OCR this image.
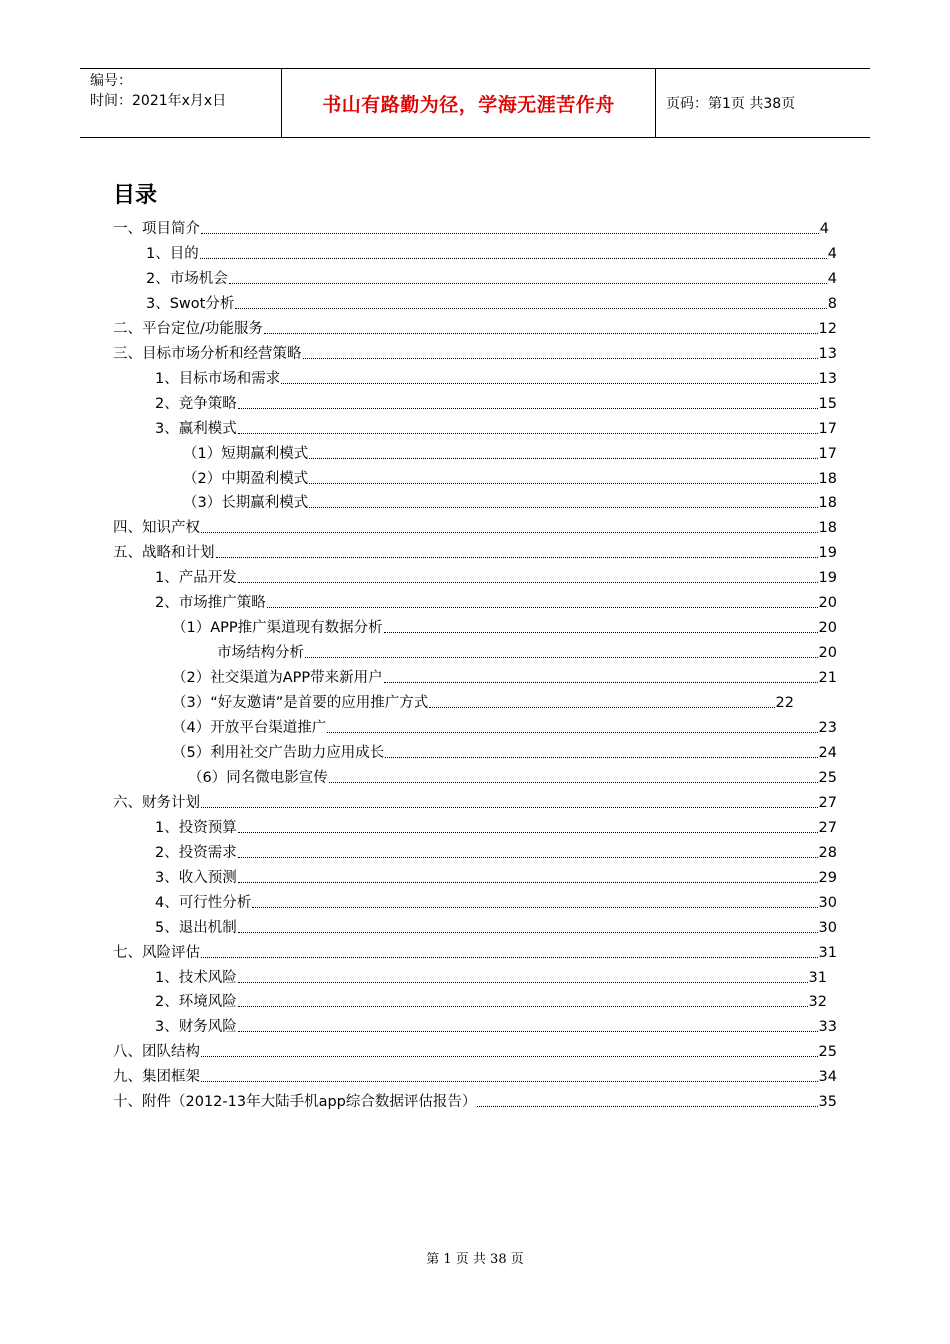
编号：
时间：2021年x月x日	书山有路勤为径，学海无涯苦作舟	页码：第1页 共38页
目录
一、项目简介	4
1、目的	4
2、市场机会	4
3、Swot分析	8
二、平台定位/功能服务	12
三、目标市场分析和经营策略	13
1、目标市场和需求	13
2、竞争策略	15
3、赢利模式	17
（1）短期赢利模式	17
（2）中期盈利模式	18
（3）长期赢利模式	18
四、知识产权	18
五、战略和计划	19
1、产品开发	19
2、市场推广策略	20
（1）APP推广渠道现有数据分析	20
市场结构分析	20
（2）社交渠道为APP带来新用户	21
（3）“好友邀请”是首要的应用推广方式	22
（4）开放平台渠道推广	23
（5）利用社交广告助力应用成长	24
（6）同名微电影宣传	25
六、财务计划	27
1、投资预算	27
2、投资需求	28
3、收入预测	29
4、可行性分析	30
5、退出机制	30
七、风险评估	31
1、技术风险	31
2、环境风险	32
3、财务风险	33
八、团队结构	25
九、集团框架	34
十、附件（2012-13年大陆手机app综合数据评估报告）	35
第 1 页 共 38 页
